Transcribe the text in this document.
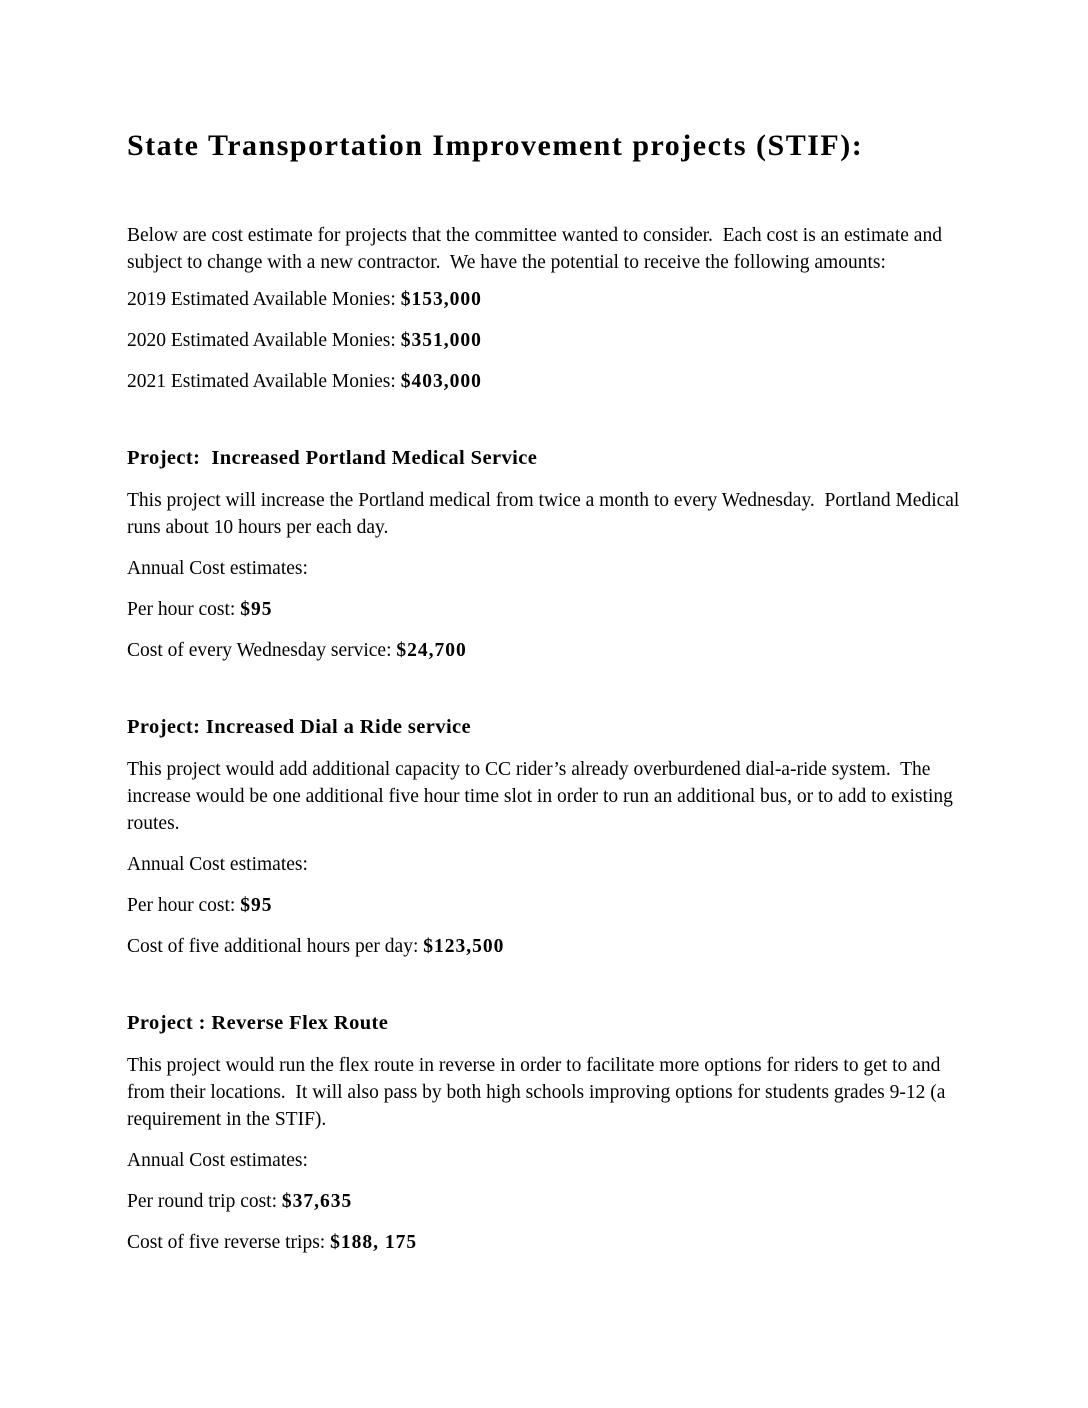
State Transportation Improvement projects (STIF):

Below are cost estimate for projects that the committee wanted to consider.  Each cost is an estimate and subject to change with a new contractor.  We have the potential to receive the following amounts:

2019 Estimated Available Monies: $153,000

2020 Estimated Available Monies: $351,000

2021 Estimated Available Monies: $403,000

Project:  Increased Portland Medical Service

This project will increase the Portland medical from twice a month to every Wednesday.  Portland Medical runs about 10 hours per each day.

Annual Cost estimates:

Per hour cost: $95

Cost of every Wednesday service: $24,700

Project: Increased Dial a Ride service

This project would add additional capacity to CC rider’s already overburdened dial-a-ride system.  The increase would be one additional five hour time slot in order to run an additional bus, or to add to existing routes.

Annual Cost estimates:

Per hour cost: $95

Cost of five additional hours per day: $123,500

Project : Reverse Flex Route

This project would run the flex route in reverse in order to facilitate more options for riders to get to and from their locations.  It will also pass by both high schools improving options for students grades 9-12 (a requirement in the STIF).

Annual Cost estimates:

Per round trip cost: $37,635

Cost of five reverse trips: $188, 175
